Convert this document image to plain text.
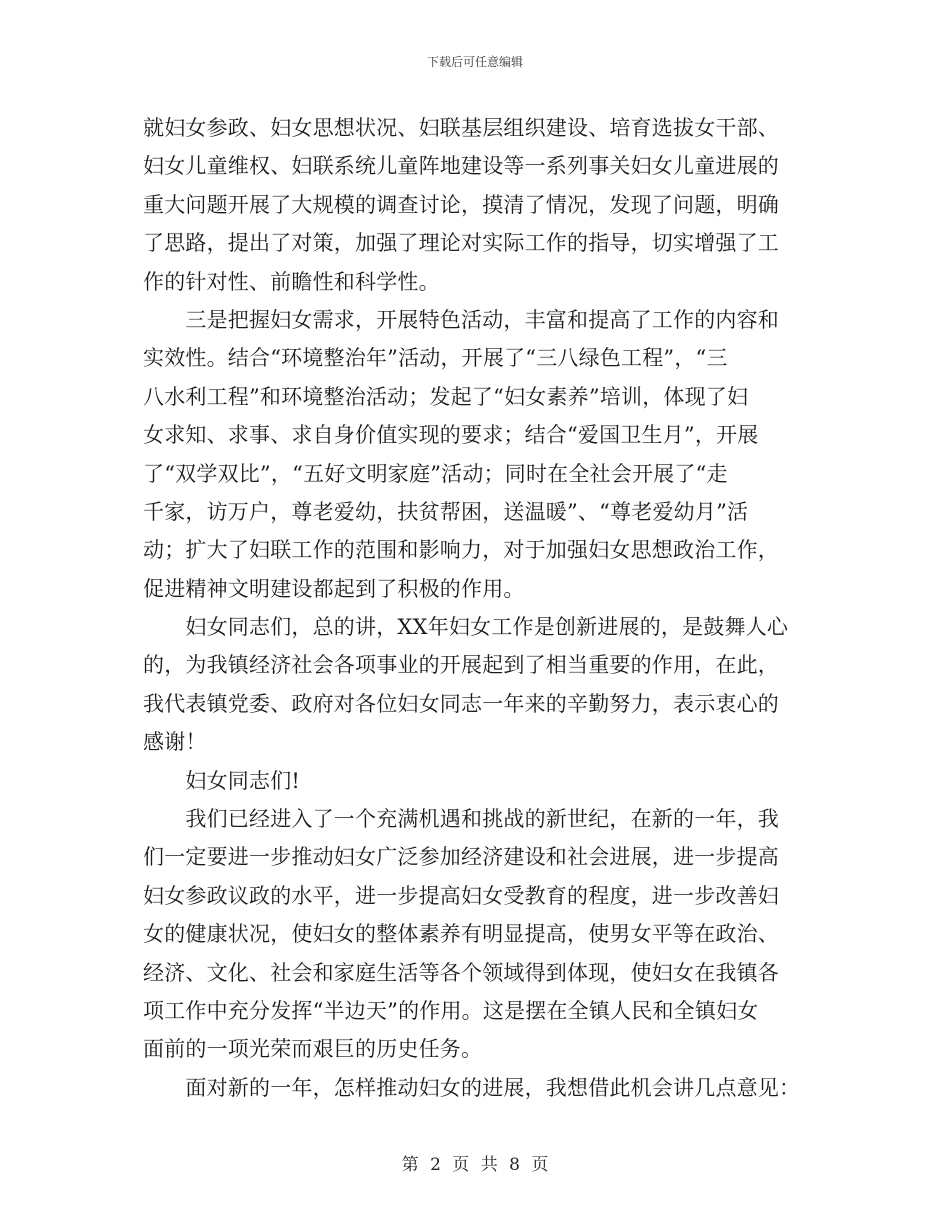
下载后可任意编辑
就妇女参政、妇女思想状况、妇联基层组织建设、培育选拔女干部、
妇女儿童维权、妇联系统儿童阵地建设等一系列事关妇女儿童进展的
重大问题开展了大规模的调查讨论，摸清了情况，发现了问题，明确
了思路，提出了对策，加强了理论对实际工作的指导，切实增强了工
作的针对性、前瞻性和科学性。
　　三是把握妇女需求，开展特色活动，丰富和提高了工作的内容和
实效性。结合“环境整治年”活动，开展了“三八绿色工程”，“三
八水利工程”和环境整治活动；发起了“妇女素养”培训，体现了妇
女求知、求事、求自身价值实现的要求；结合“爱国卫生月”，开展
了“双学双比”，“五好文明家庭”活动；同时在全社会开展了“走
千家，访万户，尊老爱幼，扶贫帮困，送温暖”、“尊老爱幼月”活
动；扩大了妇联工作的范围和影响力，对于加强妇女思想政治工作，
促进精神文明建设都起到了积极的作用。
　　妇女同志们，总的讲，XX年妇女工作是创新进展的，是鼓舞人心
的，为我镇经济社会各项事业的开展起到了相当重要的作用，在此，
我代表镇党委、政府对各位妇女同志一年来的辛勤努力，表示衷心的
感谢！
　　妇女同志们!
　　我们已经进入了一个充满机遇和挑战的新世纪，在新的一年，我
们一定要进一步推动妇女广泛参加经济建设和社会进展，进一步提高
妇女参政议政的水平，进一步提高妇女受教育的程度，进一步改善妇
女的健康状况，使妇女的整体素养有明显提高，使男女平等在政治、
经济、文化、社会和家庭生活等各个领域得到体现，使妇女在我镇各
项工作中充分发挥“半边天”的作用。这是摆在全镇人民和全镇妇女
面前的一项光荣而艰巨的历史任务。
　　面对新的一年，怎样推动妇女的进展，我想借此机会讲几点意见：
第 2 页 共 8 页
